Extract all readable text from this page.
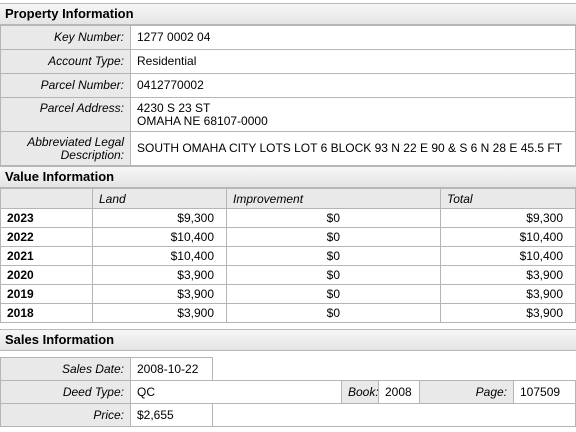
Property Information
Key Number:	1277 0002 04
Account Type:	Residential
Parcel Number:	0412770002
Parcel Address:	4230 S 23 ST
OMAHA NE 68107-0000

Abbreviated Legal
Description:	SOUTH OMAHA CITY LOTS LOT 6 BLOCK 93 N 22 E 90 & S 6 N 28 E 45.5 FT
Value Information
	Land	Improvement	Total
2023	$9,300	$0	$9,300
2022	$10,400	$0	$10,400
2021	$10,400	$0	$10,400
2020	$3,900	$0	$3,900
2019	$3,900	$0	$3,900
2018	$3,900	$0	$3,900
Sales Information
Sales Date:	2008-10-22					
Deed Type:	QC		Book:	2008	Page:	107509
Price:	$2,655					
